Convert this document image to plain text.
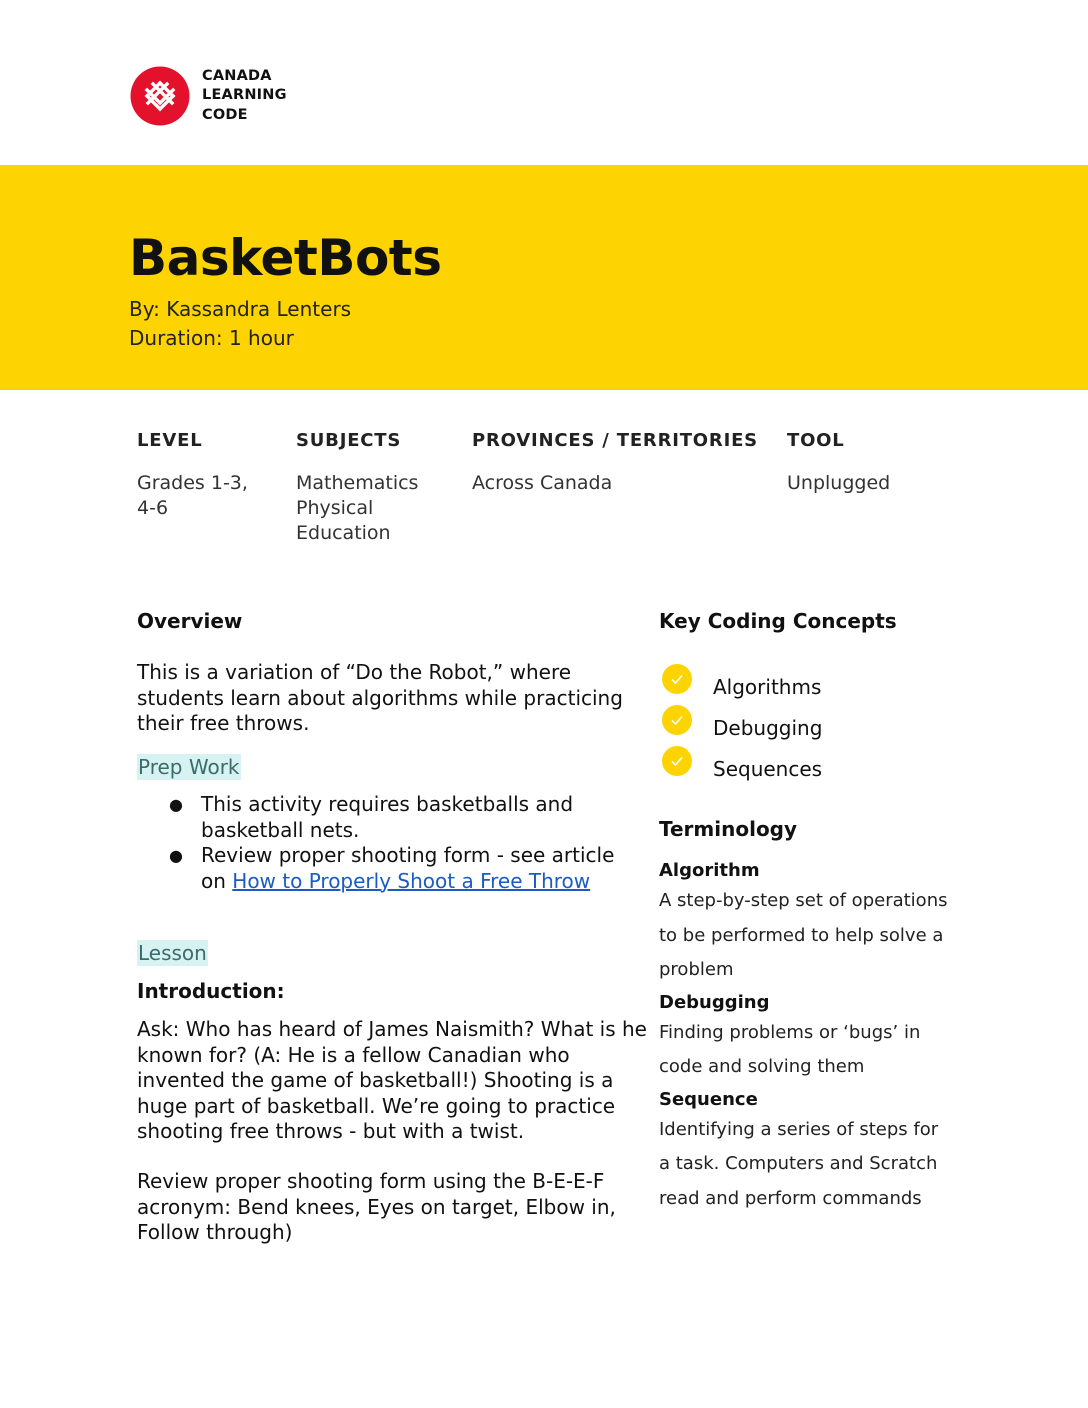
CANADA
LEARNING
CODE
BasketBots
By: Kassandra Lenters
Duration: 1 hour
LEVEL
Grades 1-3,
4-6
SUBJECTS
Mathematics
Physical
Education
PROVINCES / TERRITORIES
Across Canada
TOOL
Unplugged
Overview

This is a variation of “Do the Robot,” where
students learn about algorithms while practicing
their free throws.

Prep Work
● This activity requires basketballs and
basketball nets.
● Review proper shooting form - see article
on How to Properly Shoot a Free Throw
Lesson
Introduction:

Ask: Who has heard of James Naismith? What is he
known for? (A: He is a fellow Canadian who
invented the game of basketball!) Shooting is a
huge part of basketball. We’re going to practice
shooting free throws - but with a twist.

Review proper shooting form using the B-E-E-F
acronym: Bend knees, Eyes on target, Elbow in,
Follow through)

Key Coding Concepts
Algorithms
Debugging
Sequences
Terminology
Algorithm
A step-by-step set of operations
to be performed to help solve a
problem
Debugging
Finding problems or ‘bugs’ in
code and solving them
Sequence
Identifying a series of steps for
a task. Computers and Scratch
read and perform commands
